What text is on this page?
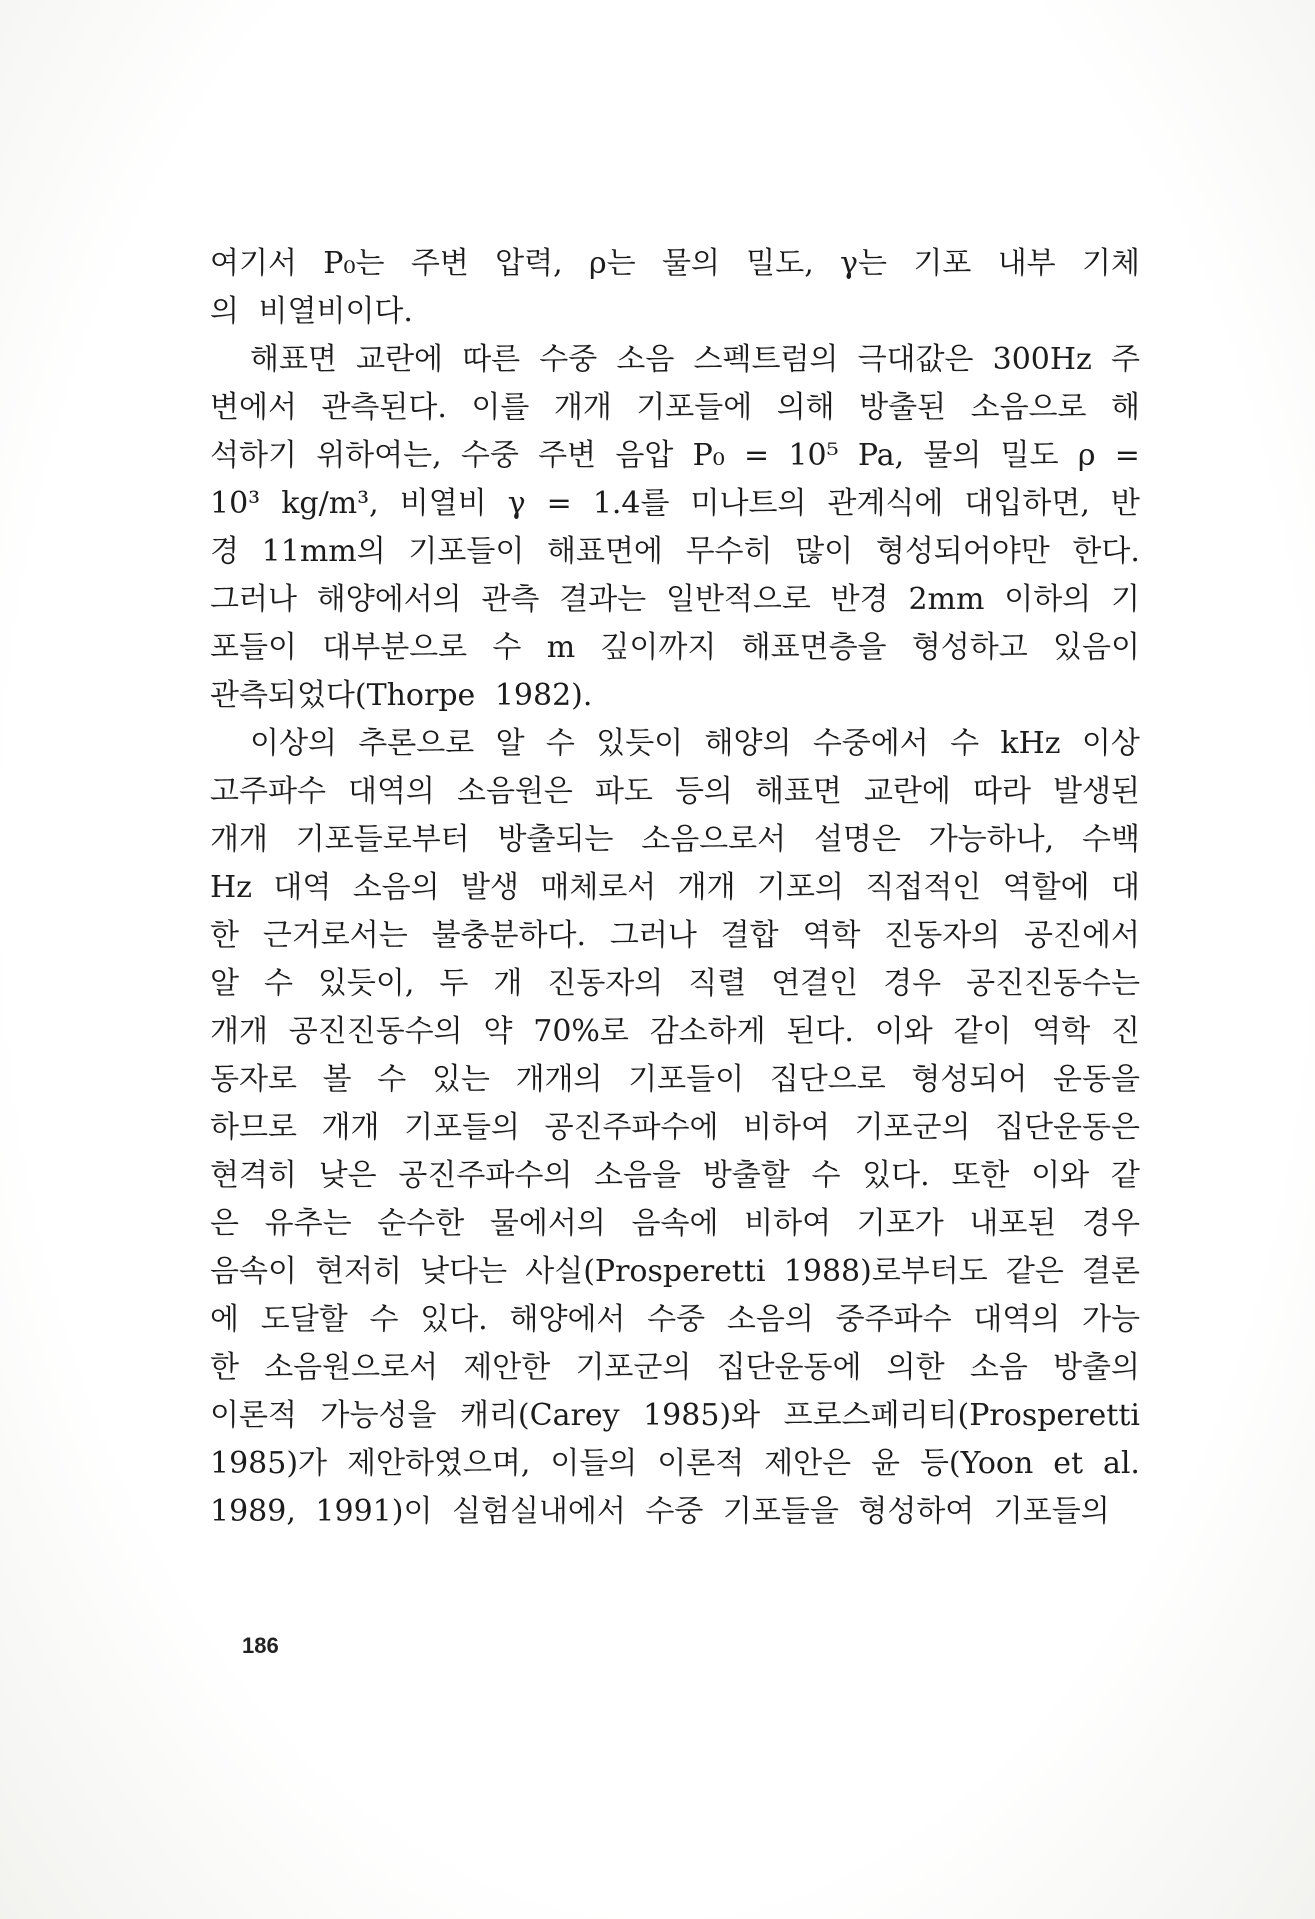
여기서 P₀는 주변 압력, ρ는 물의 밀도, γ는 기포 내부 기체
의 비열비이다.
해표면 교란에 따른 수중 소음 스펙트럼의 극대값은 300Hz 주
변에서 관측된다. 이를 개개 기포들에 의해 방출된 소음으로 해
석하기 위하여는, 수중 주변 음압 P₀ = 10⁵ Pa, 물의 밀도 ρ =
10³ kg/m³, 비열비 γ = 1.4를 미나트의 관계식에 대입하면, 반
경 11mm의 기포들이 해표면에 무수히 많이 형성되어야만 한다.
그러나 해양에서의 관측 결과는 일반적으로 반경 2mm 이하의 기
포들이 대부분으로 수 m 깊이까지 해표면층을 형성하고 있음이
관측되었다(Thorpe 1982).
이상의 추론으로 알 수 있듯이 해양의 수중에서 수 kHz 이상
고주파수 대역의 소음원은 파도 등의 해표면 교란에 따라 발생된
개개 기포들로부터 방출되는 소음으로서 설명은 가능하나, 수백
Hz 대역 소음의 발생 매체로서 개개 기포의 직접적인 역할에 대
한 근거로서는 불충분하다. 그러나 결합 역학 진동자의 공진에서
알 수 있듯이, 두 개 진동자의 직렬 연결인 경우 공진진동수는
개개 공진진동수의 약 70%로 감소하게 된다. 이와 같이 역학 진
동자로 볼 수 있는 개개의 기포들이 집단으로 형성되어 운동을
하므로 개개 기포들의 공진주파수에 비하여 기포군의 집단운동은
현격히 낮은 공진주파수의 소음을 방출할 수 있다. 또한 이와 같
은 유추는 순수한 물에서의 음속에 비하여 기포가 내포된 경우
음속이 현저히 낮다는 사실(Prosperetti 1988)로부터도 같은 결론
에 도달할 수 있다. 해양에서 수중 소음의 중주파수 대역의 가능
한 소음원으로서 제안한 기포군의 집단운동에 의한 소음 방출의
이론적 가능성을 캐리(Carey 1985)와 프로스페리티(Prosperetti
1985)가 제안하였으며, 이들의 이론적 제안은 윤 등(Yoon et al.
1989, 1991)이 실험실내에서 수중 기포들을 형성하여 기포들의
186
